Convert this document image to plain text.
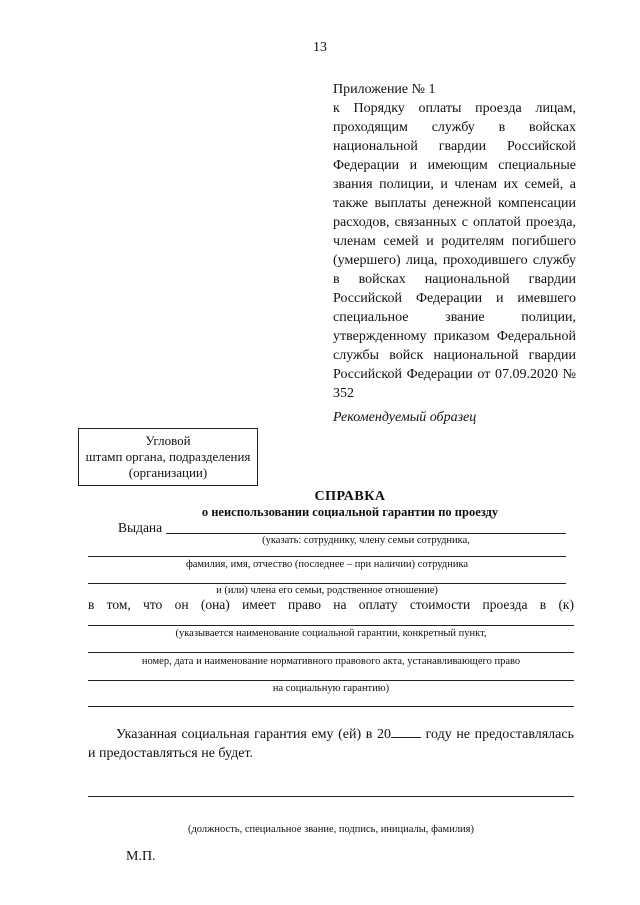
13
Приложение № 1
к Порядку оплаты проезда лицам, проходящим службу в войсках национальной гвардии Российской Федерации и имеющим специальные звания полиции, и членам их семей, а также выплаты денежной компенсации расходов, связанных с оплатой проезда, членам семей и родителям погибшего (умершего) лица, проходившего службу в войсках национальной гвардии Российской Федерации и имевшего специальное звание полиции, утвержденному приказом Федеральной службы войск национальной гвардии Российской Федерации от 07.09.2020 № 352
Рекомендуемый образец
Угловой
штамп органа, подразделения
(организации)
СПРАВКА
о неиспользовании социальной гарантии по проезду
Выдана
(указать: сотруднику, члену семьи сотрудника,
фамилия, имя, отчество (последнее – при наличии) сотрудника
и (или) члена его семьи, родственное отношение)
в том, что он (она) имеет право на оплату стоимости проезда в (к)
(указывается наименование социальной гарантии, конкретный пункт,
номер, дата и наименование нормативного правового акта, устанавливающего право
на социальную гарантию)
Указанная социальная гарантия ему (ей) в 20 году не предоставлялась и предоставляться не будет.
(должность, специальное звание, подпись, инициалы, фамилия)
М.П.
